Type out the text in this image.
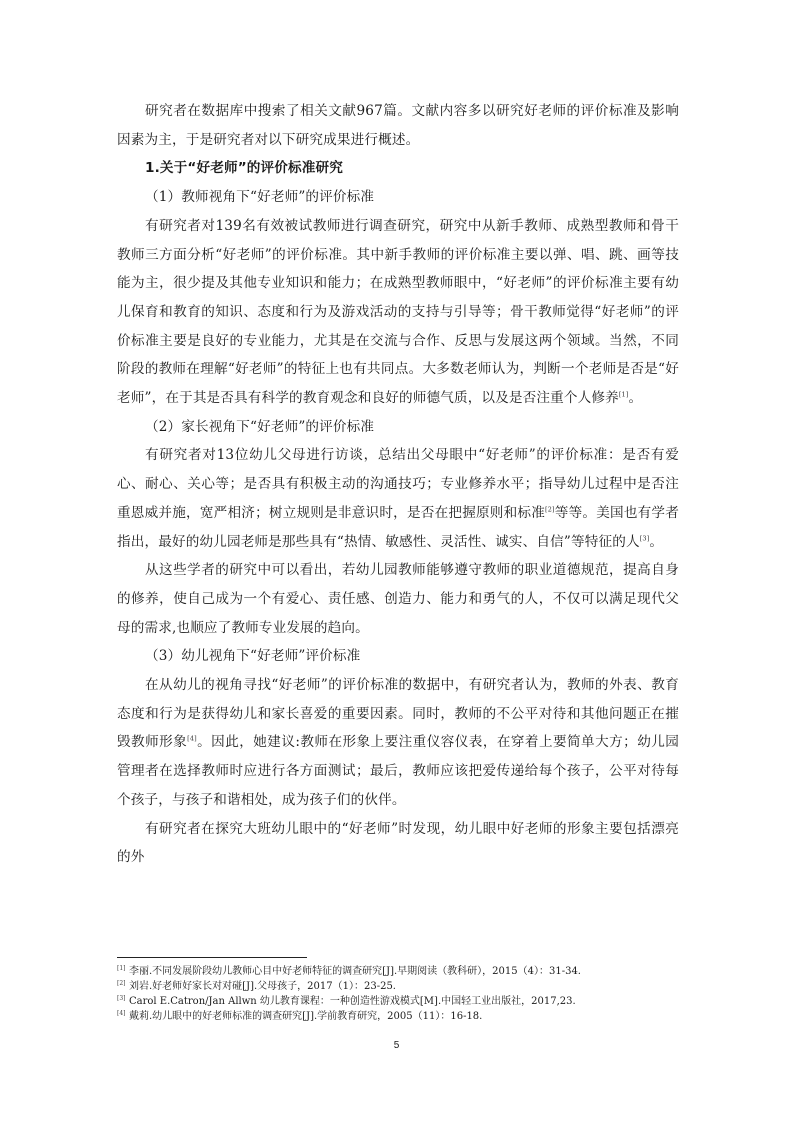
研究者在数据库中搜索了相关文献967篇。文献内容多以研究好老师的评价标准及影响因素为主，于是研究者对以下研究成果进行概述。

1.关于“好老师”的评价标准研究

（1）教师视角下“好老师”的评价标准

有研究者对139名有效被试教师进行调查研究，研究中从新手教师、成熟型教师和骨干教师三方面分析“好老师”的评价标准。其中新手教师的评价标准主要以弹、唱、跳、画等技能为主，很少提及其他专业知识和能力；在成熟型教师眼中，“好老师”的评价标准主要有幼儿保育和教育的知识、态度和行为及游戏活动的支持与引导等；骨干教师觉得“好老师”的评价标准主要是良好的专业能力，尤其是在交流与合作、反思与发展这两个领域。当然，不同阶段的教师在理解“好老师”的特征上也有共同点。大多数老师认为，判断一个老师是否是“好老师”，在于其是否具有科学的教育观念和良好的师德气质，以及是否注重个人修养[1]。

（2）家长视角下“好老师”的评价标准

有研究者对13位幼儿父母进行访谈，总结出父母眼中“好老师”的评价标准：是否有爱心、耐心、关心等；是否具有积极主动的沟通技巧；专业修养水平；指导幼儿过程中是否注重恩威并施，宽严相济；树立规则是非意识时，是否在把握原则和标准[2]等等。美国也有学者指出，最好的幼儿园老师是那些具有“热情、敏感性、灵活性、诚实、自信”等特征的人[3]。

从这些学者的研究中可以看出，若幼儿园教师能够遵守教师的职业道德规范，提高自身的修养，使自己成为一个有爱心、责任感、创造力、能力和勇气的人，不仅可以满足现代父母的需求,也顺应了教师专业发展的趋向。

（3）幼儿视角下“好老师”评价标准

在从幼儿的视角寻找“好老师”的评价标准的数据中，有研究者认为，教师的外表、教育态度和行为是获得幼儿和家长喜爱的重要因素。同时，教师的不公平对待和其他问题正在摧毁教师形象[4]。因此，她建议:教师在形象上要注重仪容仪表，在穿着上要简单大方；幼儿园管理者在选择教师时应进行各方面测试；最后，教师应该把爱传递给每个孩子，公平对待每个孩子，与孩子和谐相处，成为孩子们的伙伴。

有研究者在探究大班幼儿眼中的“好老师”时发现，幼儿眼中好老师的形象主要包括漂亮的外

[1] 李丽.不同发展阶段幼儿教师心目中好老师特征的调查研究[J].早期阅读（教科研），2015（4）：31-34.

[2] 刘岩.好老师好家长对对碰[J].父母孩子，2017（1）：23-25.

[3] Carol E.Catron/Jan Allwn 幼儿教育课程：一种创造性游戏模式[M].中国轻工业出版社，2017,23.

[4] 戴莉.幼儿眼中的好老师标准的调查研究[J].学前教育研究，2005（11）：16-18.

5
